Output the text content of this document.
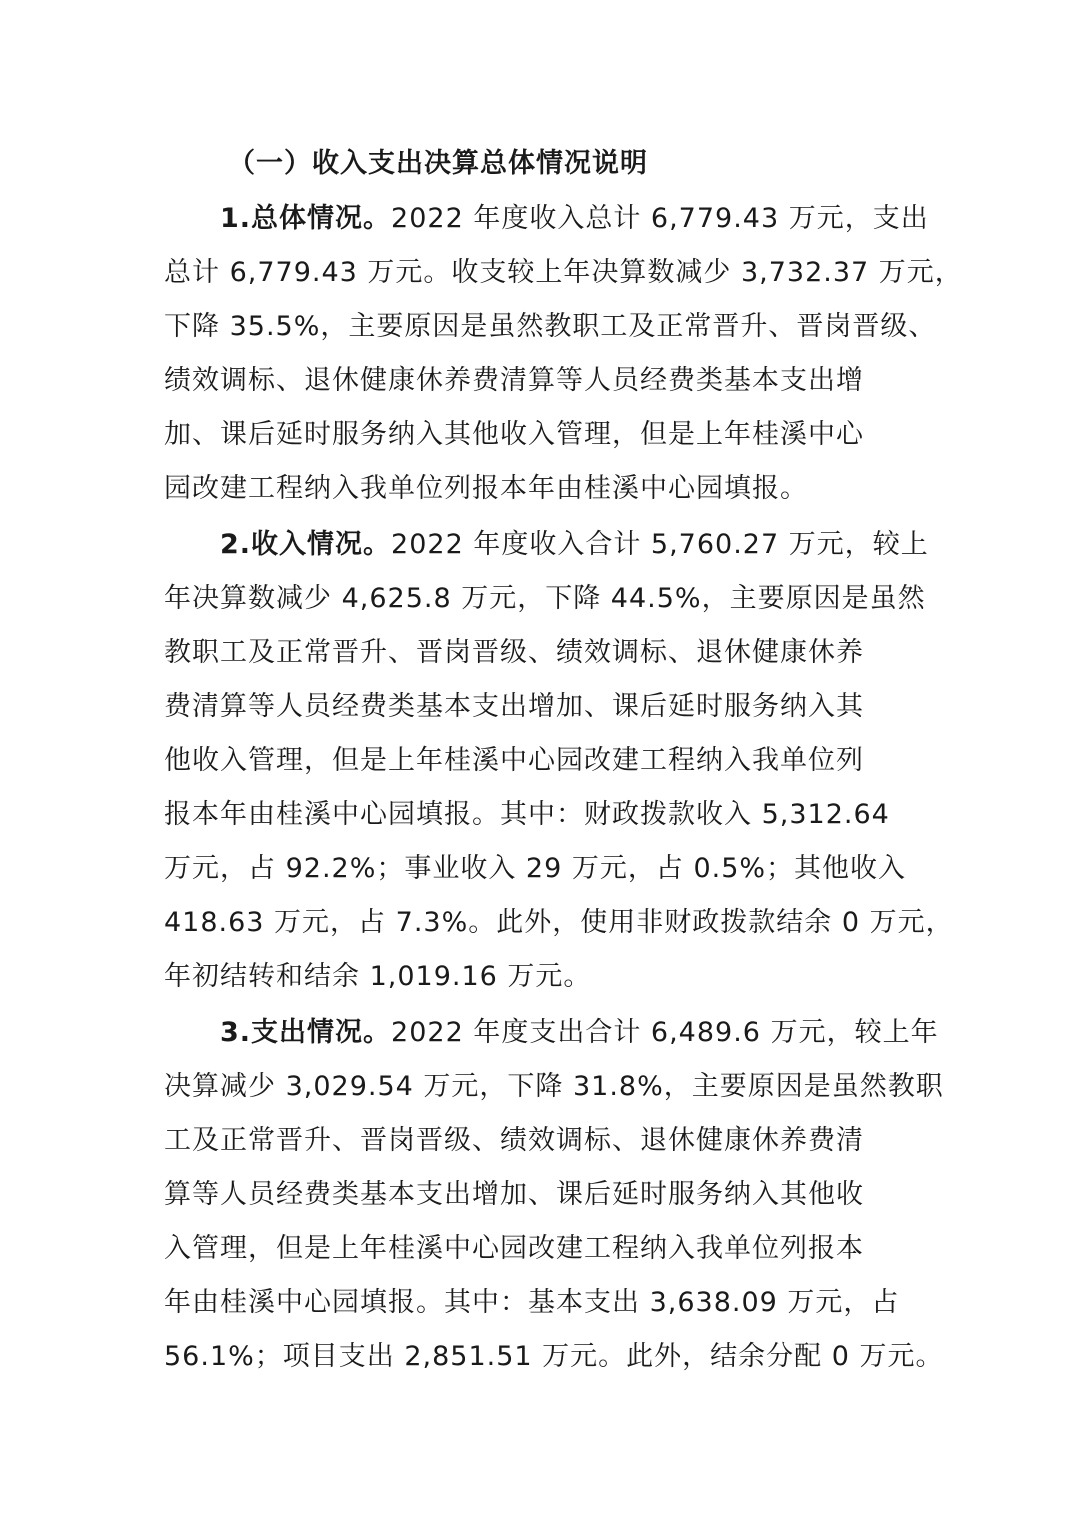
（一）收入支出决算总体情况说明
1.总体情况。2022 年度收入总计 6,779.43 万元，支出
总计 6,779.43 万元。收支较上年决算数减少 3,732.37 万元，
下降 35.5%，主要原因是虽然教职工及正常晋升、晋岗晋级、
绩效调标、退休健康休养费清算等人员经费类基本支出增
加、课后延时服务纳入其他收入管理，但是上年桂溪中心
园改建工程纳入我单位列报本年由桂溪中心园填报。
2.收入情况。2022 年度收入合计 5,760.27 万元，较上
年决算数减少 4,625.8 万元，下降 44.5%，主要原因是虽然
教职工及正常晋升、晋岗晋级、绩效调标、退休健康休养
费清算等人员经费类基本支出增加、课后延时服务纳入其
他收入管理，但是上年桂溪中心园改建工程纳入我单位列
报本年由桂溪中心园填报。其中：财政拨款收入 5,312.64
万元，占 92.2%；事业收入 29 万元，占 0.5%；其他收入
418.63 万元，占 7.3%。此外，使用非财政拨款结余 0 万元，
年初结转和结余 1,019.16 万元。
3.支出情况。2022 年度支出合计 6,489.6 万元，较上年
决算减少 3,029.54 万元，下降 31.8%，主要原因是虽然教职
工及正常晋升、晋岗晋级、绩效调标、退休健康休养费清
算等人员经费类基本支出增加、课后延时服务纳入其他收
入管理，但是上年桂溪中心园改建工程纳入我单位列报本
年由桂溪中心园填报。其中：基本支出 3,638.09 万元，占
56.1%；项目支出 2,851.51 万元。此外，结余分配 0 万元。
